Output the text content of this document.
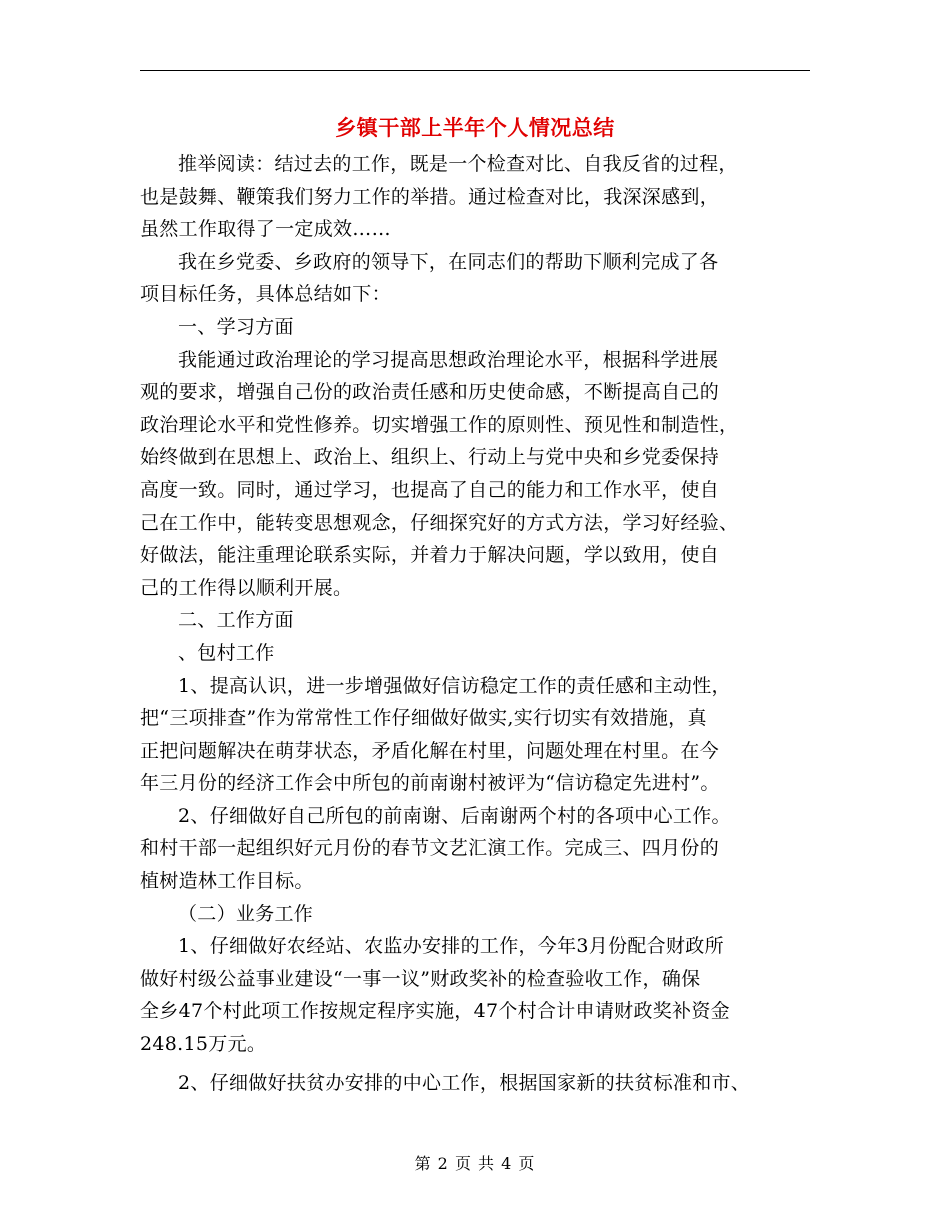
乡镇干部上半年个人情况总结

推举阅读：结过去的工作，既是一个检查对比、自我反省的过程，
也是鼓舞、鞭策我们努力工作的举措。通过检查对比，我深深感到，
虽然工作取得了一定成效……

我在乡党委、乡政府的领导下，在同志们的帮助下顺利完成了各
项目标任务，具体总结如下：

一、学习方面

我能通过政治理论的学习提高思想政治理论水平，根据科学进展
观的要求，增强自己份的政治责任感和历史使命感，不断提高自己的
政治理论水平和党性修养。切实增强工作的原则性、预见性和制造性，
始终做到在思想上、政治上、组织上、行动上与党中央和乡党委保持
高度一致。同时，通过学习，也提高了自己的能力和工作水平，使自
己在工作中，能转变思想观念，仔细探究好的方式方法，学习好经验、
好做法，能注重理论联系实际，并着力于解决问题，学以致用，使自
己的工作得以顺利开展。

二、工作方面

、包村工作

1、提高认识，进一步增强做好信访稳定工作的责任感和主动性，
把“三项排查”作为常常性工作仔细做好做实,实行切实有效措施，真
正把问题解决在萌芽状态，矛盾化解在村里，问题处理在村里。在今
年三月份的经济工作会中所包的前南谢村被评为“信访稳定先进村”。

2、仔细做好自己所包的前南谢、后南谢两个村的各项中心工作。
和村干部一起组织好元月份的春节文艺汇演工作。完成三、四月份的
植树造林工作目标。

（二）业务工作

1、仔细做好农经站、农监办安排的工作，今年3月份配合财政所
做好村级公益事业建设“一事一议”财政奖补的检查验收工作，确保
全乡47个村此项工作按规定程序实施，47个村合计申请财政奖补资金
248.15万元。

2、仔细做好扶贫办安排的中心工作，根据国家新的扶贫标准和市、

第 2 页 共 4 页
